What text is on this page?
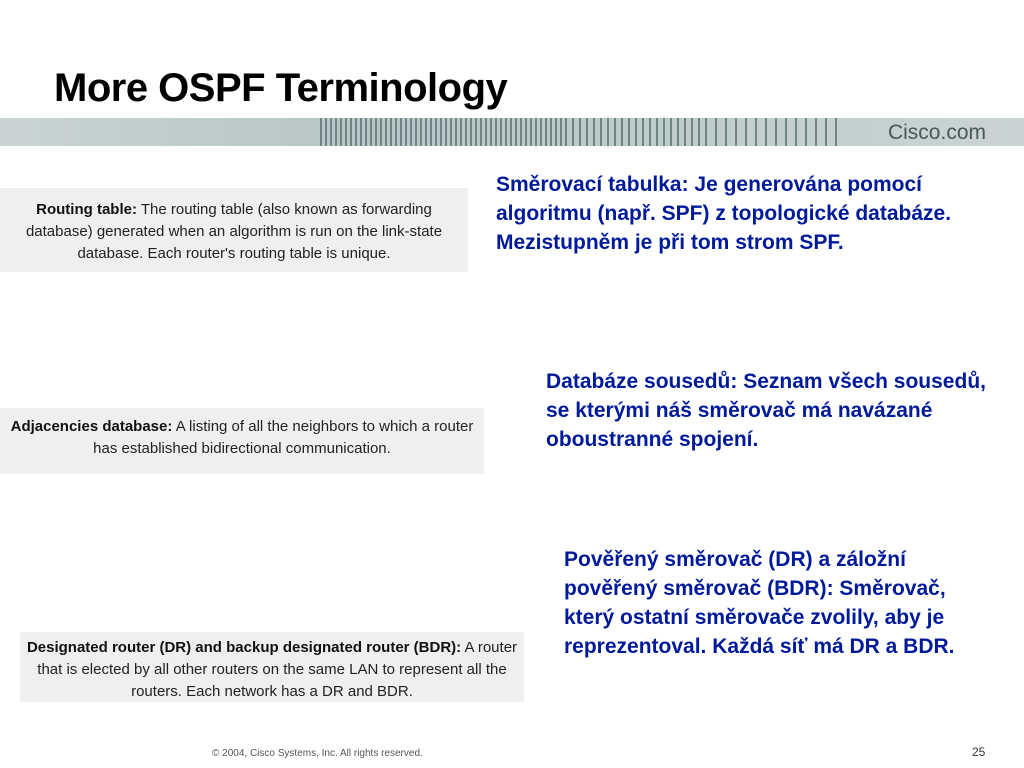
More OSPF Terminology
Cisco.com
Routing table: The routing table (also known as forwarding database) generated when an algorithm is run on the link-state database. Each router's routing table is unique.
Adjacencies database: A listing of all the neighbors to which a router has established bidirectional communication.
Designated router (DR) and backup designated router (BDR): A router that is elected by all other routers on the same LAN to represent all the routers. Each network has a DR and BDR.
Směrovací tabulka: Je generována pomocí algoritmu (např. SPF) z topologické databáze. Mezistupněm je při tom strom SPF.
Databáze sousedů: Seznam všech sousedů, se kterými náš směrovač má navázané oboustranné spojení.
Pověřený směrovač (DR) a záložní pověřený směrovač (BDR): Směrovač, který ostatní směrovače zvolily, aby je reprezentoval. Každá síť má DR a BDR.
© 2004, Cisco Systems, Inc. All rights reserved.	25
